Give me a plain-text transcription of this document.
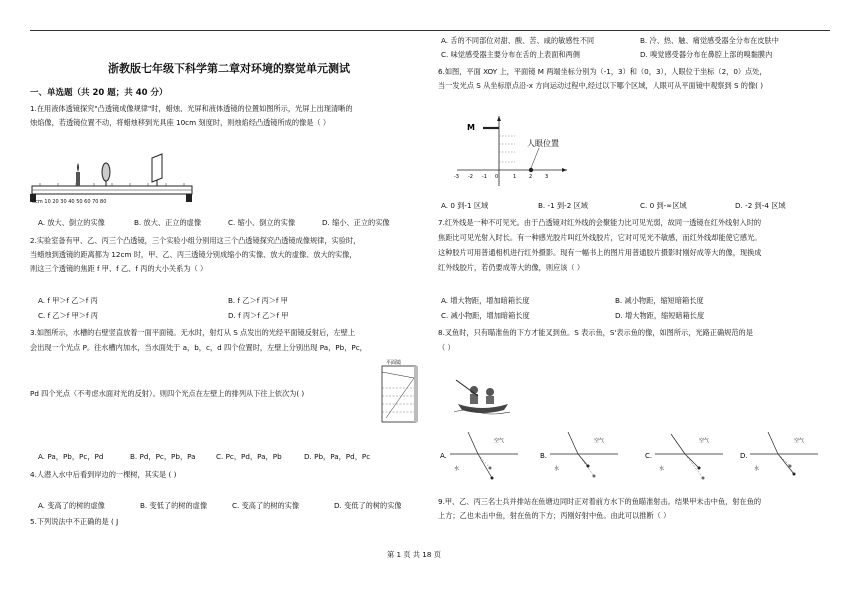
浙教版七年级下科学第二章对环境的察觉单元测试
一、单选题（共 20 题；共 40 分）
1.在用液体透镜探究"凸透镜成像规律"时，蜡烛、光屏和液体透镜的位置如图所示，光屏上出现清晰的
烛焰像，若透镜位置不动，将蜡烛移到光具座 10cm 刻度时，则烛焰经凸透镜所成的像是（ ）
0cm 10 20 30 40 50 60 70 80
A. 放大、倒立的实像	B. 放大、正立的虚像	C. 缩小、倒立的实像	D. 缩小、正立的实像
2.实验室备有甲、乙、丙三个凸透镜，三个实验小组分别用这三个凸透镜探究凸透镜成像规律，实验时，
当蜡烛到透镜的距离都为 12cm 时，甲、乙、丙三透镜分别成缩小的实像、放大的虚像、放大的实像，
则这三个透镜的焦距 f 甲、f 乙、f 丙的大小关系为（ ）
A. f 甲＞f 乙＞f 丙	B. f 乙＞f 丙＞f 甲
C. f 乙＞f 甲＞f 丙	D. f 丙＞f 乙＞f 甲
3.如图所示，水槽的右壁竖直放着一面平面镜。无水时，射灯从 S 点发出的光经平面镜反射后，左壁上
会出现一个光点 P。往水槽内加水，当水面处于 a，b，c，d 四个位置时，左壁上分别出现 Pa，Pb，Pc，
Pd 四个光点（不考虑水面对光的反射）。则四个光点在左壁上的排列从下往上依次为( )
平面镜
A. Pa，Pb，Pc，Pd	B. Pd，Pc，Pb，Pa	C. Pc，Pd，Pa，Pb	D. Pb，Pa，Pd，Pc
4.人潜入水中后看到岸边的一棵树，其实是 ( )
A. 变高了的树的虚像	B. 变低了的树的虚像	C. 变高了的树的实像	D. 变低了的树的实像
5.下列说法中不正确的是 ( J
第 1 页 共 18 页
A. 舌的不同部位对甜、酸、苦、咸的敏感性不同	B. 冷、热、触、痛觉感受器全分布在皮肤中
C. 味觉感受器主要分布在舌的上表面和两侧	D. 嗅觉感受器分布在鼻腔上部的嗅黏膜内
6.如图，平面 XOY 上，平面镜 M 两端坐标分别为（-1，3）和（0，3），人眼位于坐标（2，0）点处，
当一发光点 S 从坐标原点沿-x 方向运动过程中,经过以下哪个区域，人眼可从平面镜中观察到 S 的像( )
M
人眼位置
-3 -2 -1 0	1	2	3
A. 0 到-1 区域	B. -1 到-2 区域	C. 0 到-∞区域	D. -2 到-4 区域
7.红外线是一种不可见光。由于凸透镜对红外线的会聚能力比可见光弱，故同一透镜在红外线射入时的
焦距比可见光射入时长。有一种感光胶片叫红外线胶片，它对可见光不敏感，而红外线却能使它感光。
这种胶片可用普通相机进行红外摄影。现有一幅书上的图片用普通胶片摄影时刚好成等大的像，现换成
红外线胶片，若仍要成等大的像，则应该（ ）
A. 增大物距，增加暗箱长度	B. 减小物距，缩短暗箱长度
C. 减小物距，增加暗箱长度	D. 增大物距，缩短暗箱长度
8.叉鱼时，只有瞄准鱼的下方才能叉到鱼。S 表示鱼，S'表示鱼的像，如图所示，光路正确规范的是
（ ）
A.
空气
水
B.
空气
水
C.
空气
水
D.
空气
水
9.甲、乙、丙三名士兵并排站在鱼塘边同时正对着前方水下的鱼瞄准射击。结果甲未击中鱼，射在鱼的
上方；乙也未击中鱼，射在鱼的下方；丙刚好射中鱼。由此可以推断（ ）
